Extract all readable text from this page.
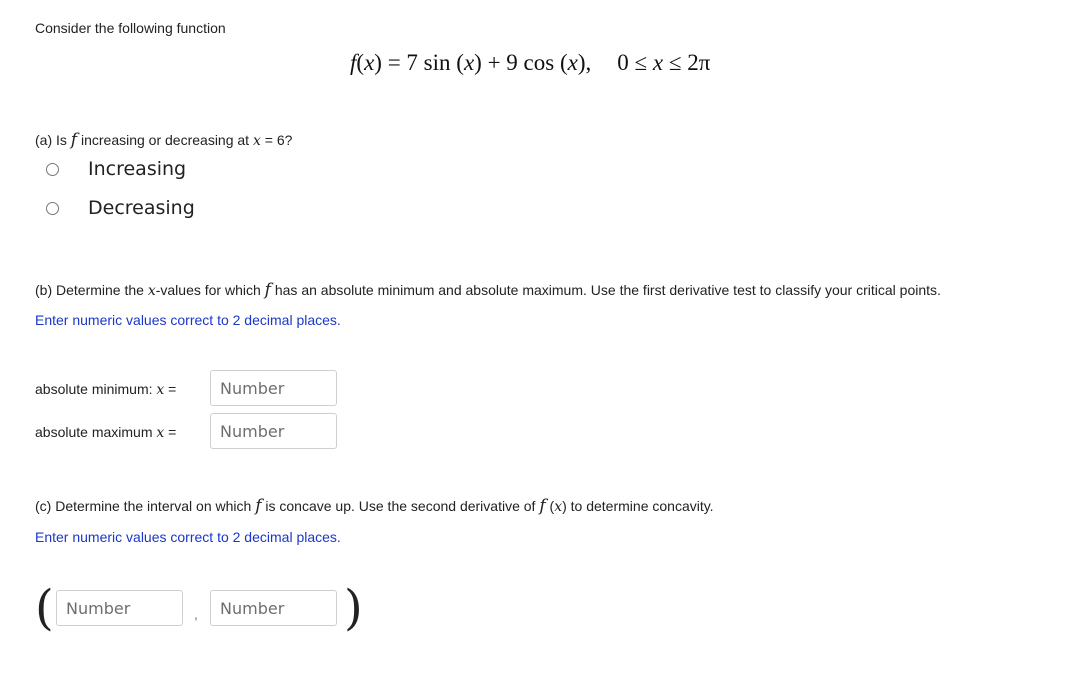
Consider the following function
f(x) = 7 sin (x) + 9 cos (x), 0 ≤ x ≤ 2π
(a) Is f increasing or decreasing at x = 6?
Increasing
Decreasing
(b) Determine the x-values for which f has an absolute minimum and absolute maximum. Use the first derivative test to classify your critical points.
Enter numeric values correct to 2 decimal places.
absolute minimum: x =
Number
absolute maximum x =
Number
(c) Determine the interval on which f is concave up. Use the second derivative of f (x) to determine concavity.
Enter numeric values correct to 2 decimal places.
(
Number	,
Number	)
